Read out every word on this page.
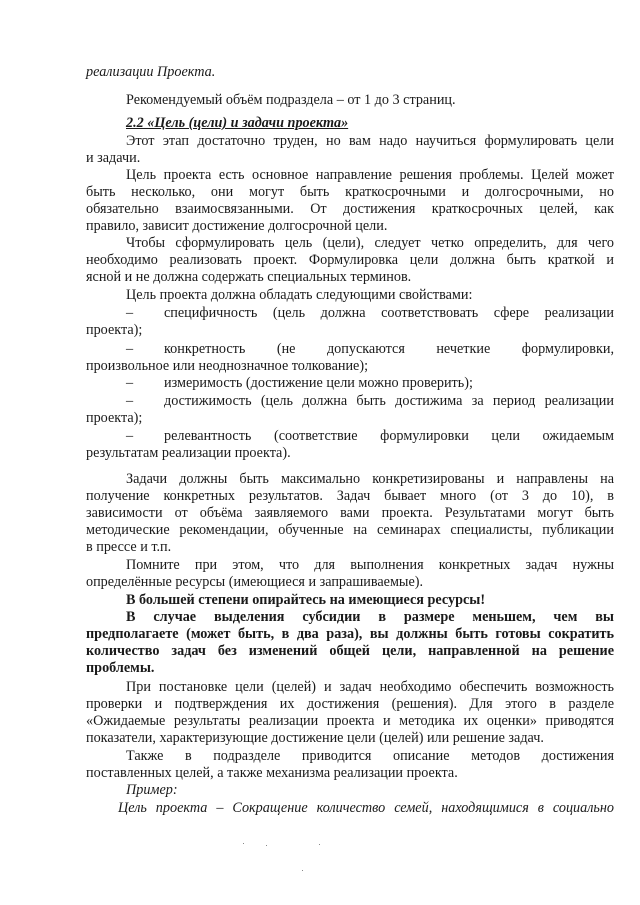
реализации Проекта.

Рекомендуемый объём подраздела – от 1 до 3 страниц.

2.2 «Цель (цели) и задачи проекта»

Этот этап достаточно труден, но вам надо научиться формулировать цели

и задачи.

Цель проекта есть основное направление решения проблемы. Целей может

быть несколько, они могут быть краткосрочными и долгосрочными, но

обязательно взаимосвязанными. От достижения краткосрочных целей, как

правило, зависит достижение долгосрочной цели.

Чтобы сформулировать цель (цели), следует четко определить, для чего

необходимо реализовать проект. Формулировка цели должна быть краткой и

ясной и не должна содержать специальных терминов.

Цель проекта должна обладать следующими свойствами:

– специфичность (цель должна соответствовать сфере реализации

проекта);

– конкретность (не допускаются нечеткие формулировки,

произвольное или неоднозначное толкование);

– измеримость (достижение цели можно проверить);

– достижимость (цель должна быть достижима за период реализации

проекта);

– релевантность (соответствие формулировки цели ожидаемым

результатам реализации проекта).

Задачи должны быть максимально конкретизированы и направлены на

получение конкретных результатов. Задач бывает много (от 3 до 10), в

зависимости от объёма заявляемого вами проекта. Результатами могут быть

методические рекомендации, обученные на семинарах специалисты, публикации

в прессе и т.п.

Помните при этом, что для выполнения конкретных задач нужны

определённые ресурсы (имеющиеся и запрашиваемые).

В большей степени опирайтесь на имеющиеся ресурсы!

В случае выделения субсидии в размере меньшем, чем вы

предполагаете (может быть, в два раза), вы должны быть готовы сократить

количество задач без изменений общей цели, направленной на решение

проблемы.

При постановке цели (целей) и задач необходимо обеспечить возможность

проверки и подтверждения их достижения (решения). Для этого в разделе

«Ожидаемые результаты реализации проекта и методика их оценки» приводятся

показатели, характеризующие достижение цели (целей) или решение задач.

Также в подразделе приводится описание методов достижения

поставленных целей, а также механизма реализации проекта.

Пример:

Цель проекта – Сокращение количество семей, находящимися в социально
